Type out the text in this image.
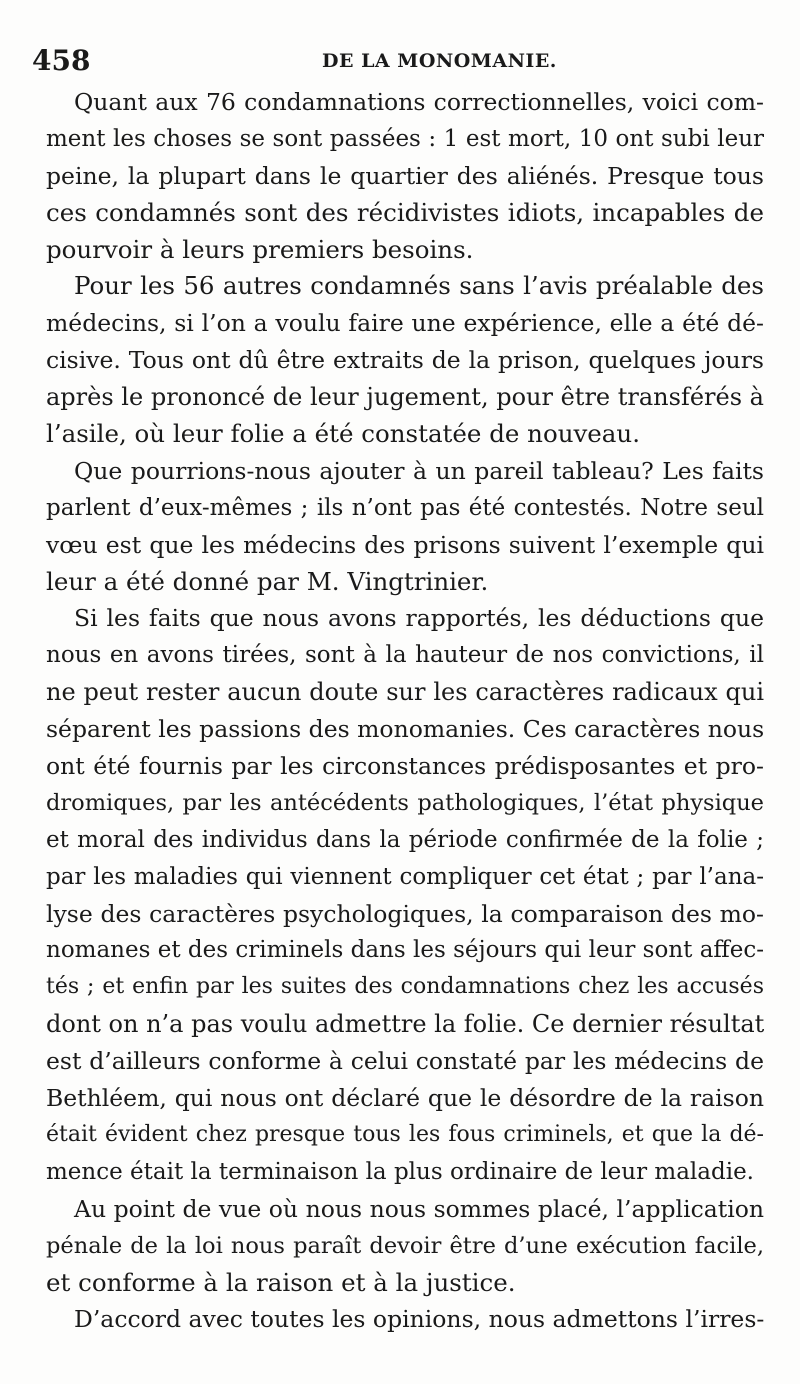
458	DE LA MONOMANIE.
Quant aux 76 condamnations correctionnelles, voici com-
ment les choses se sont passées : 1 est mort, 10 ont subi leur
peine, la plupart dans le quartier des aliénés. Presque tous
ces condamnés sont des récidivistes idiots, incapables de
pourvoir à leurs premiers besoins.
Pour les 56 autres condamnés sans l’avis préalable des
médecins, si l’on a voulu faire une expérience, elle a été dé-
cisive. Tous ont dû être extraits de la prison, quelques jours
après le prononcé de leur jugement, pour être transférés à
l’asile, où leur folie a été constatée de nouveau.
Que pourrions-nous ajouter à un pareil tableau? Les faits
parlent d’eux-mêmes ; ils n’ont pas été contestés. Notre seul
vœu est que les médecins des prisons suivent l’exemple qui
leur a été donné par M. Vingtrinier.
Si les faits que nous avons rapportés, les déductions que
nous en avons tirées, sont à la hauteur de nos convictions, il
ne peut rester aucun doute sur les caractères radicaux qui
séparent les passions des monomanies. Ces caractères nous
ont été fournis par les circonstances prédisposantes et pro-
dromiques, par les antécédents pathologiques, l’état physique
et moral des individus dans la période confirmée de la folie ;
par les maladies qui viennent compliquer cet état ; par l’ana-
lyse des caractères psychologiques, la comparaison des mo-
nomanes et des criminels dans les séjours qui leur sont affec-
tés ; et enfin par les suites des condamnations chez les accusés
dont on n’a pas voulu admettre la folie. Ce dernier résultat
est d’ailleurs conforme à celui constaté par les médecins de
Bethléem, qui nous ont déclaré que le désordre de la raison
était évident chez presque tous les fous criminels, et que la dé-
mence était la terminaison la plus ordinaire de leur maladie.
Au point de vue où nous nous sommes placé, l’application
pénale de la loi nous paraît devoir être d’une exécution facile,
et conforme à la raison et à la justice.
D’accord avec toutes les opinions, nous admettons l’irres-
